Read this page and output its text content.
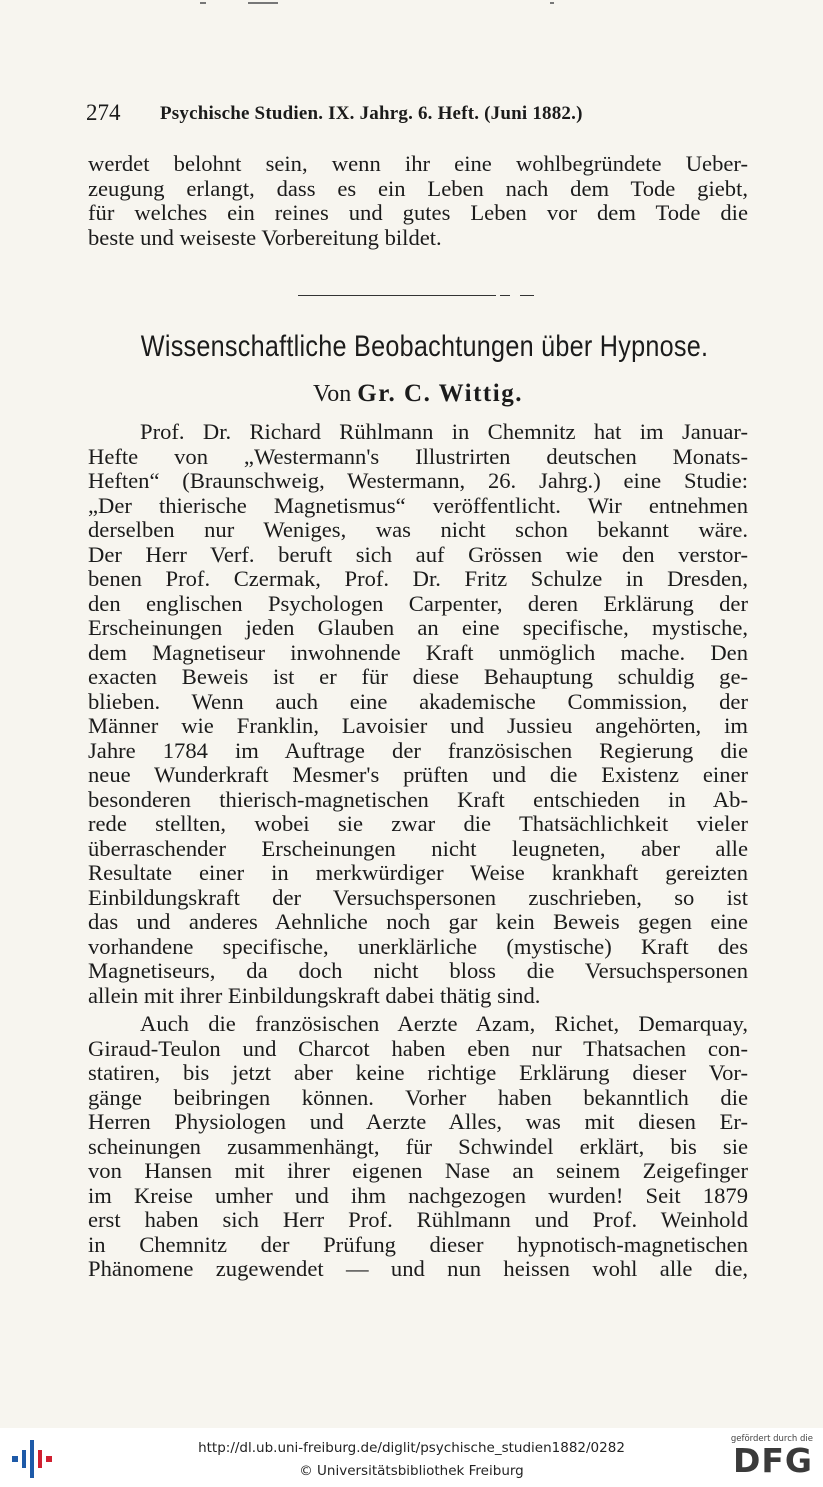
274 Psychische Studien. IX. Jahrg. 6. Heft. (Juni 1882.)
werdet belohnt sein, wenn ihr eine wohlbegründete Ueber-
zeugung erlangt, dass es ein Leben nach dem Tode giebt,
für welches ein reines und gutes Leben vor dem Tode die
beste und weiseste Vorbereitung bildet.
Wissenschaftliche Beobachtungen über Hypnose.
Von Gr. C. Wittig.
Prof. Dr. Richard Rühlmann in Chemnitz hat im Januar-
Hefte von „Westermann's Illustrirten deutschen Monats-
Heften“ (Braunschweig, Westermann, 26. Jahrg.) eine Studie:
„Der thierische Magnetismus“ veröffentlicht. Wir entnehmen
derselben nur Weniges, was nicht schon bekannt wäre.
Der Herr Verf. beruft sich auf Grössen wie den verstor-
benen Prof. Czermak, Prof. Dr. Fritz Schulze in Dresden,
den englischen Psychologen Carpenter, deren Erklärung der
Erscheinungen jeden Glauben an eine specifische, mystische,
dem Magnetiseur inwohnende Kraft unmöglich mache. Den
exacten Beweis ist er für diese Behauptung schuldig ge-
blieben. Wenn auch eine akademische Commission, der
Männer wie Franklin, Lavoisier und Jussieu angehörten, im
Jahre 1784 im Auftrage der französischen Regierung die
neue Wunderkraft Mesmer's prüften und die Existenz einer
besonderen thierisch-magnetischen Kraft entschieden in Ab-
rede stellten, wobei sie zwar die Thatsächlichkeit vieler
überraschender Erscheinungen nicht leugneten, aber alle
Resultate einer in merkwürdiger Weise krankhaft gereizten
Einbildungskraft der Versuchspersonen zuschrieben, so ist
das und anderes Aehnliche noch gar kein Beweis gegen eine
vorhandene specifische, unerklärliche (mystische) Kraft des
Magnetiseurs, da doch nicht bloss die Versuchspersonen
allein mit ihrer Einbildungskraft dabei thätig sind.
Auch die französischen Aerzte Azam, Richet, Demarquay,
Giraud-Teulon und Charcot haben eben nur Thatsachen con-
statiren, bis jetzt aber keine richtige Erklärung dieser Vor-
gänge beibringen können. Vorher haben bekanntlich die
Herren Physiologen und Aerzte Alles, was mit diesen Er-
scheinungen zusammenhängt, für Schwindel erklärt, bis sie
von Hansen mit ihrer eigenen Nase an seinem Zeigefinger
im Kreise umher und ihm nachgezogen wurden! Seit 1879
erst haben sich Herr Prof. Rühlmann und Prof. Weinhold
in Chemnitz der Prüfung dieser hypnotisch-magnetischen
Phänomene zugewendet — und nun heissen wohl alle die,
http://dl.ub.uni-freiburg.de/diglit/psychische_studien1882/0282
© Universitätsbibliothek Freiburg
gefördert durch die
DFG
